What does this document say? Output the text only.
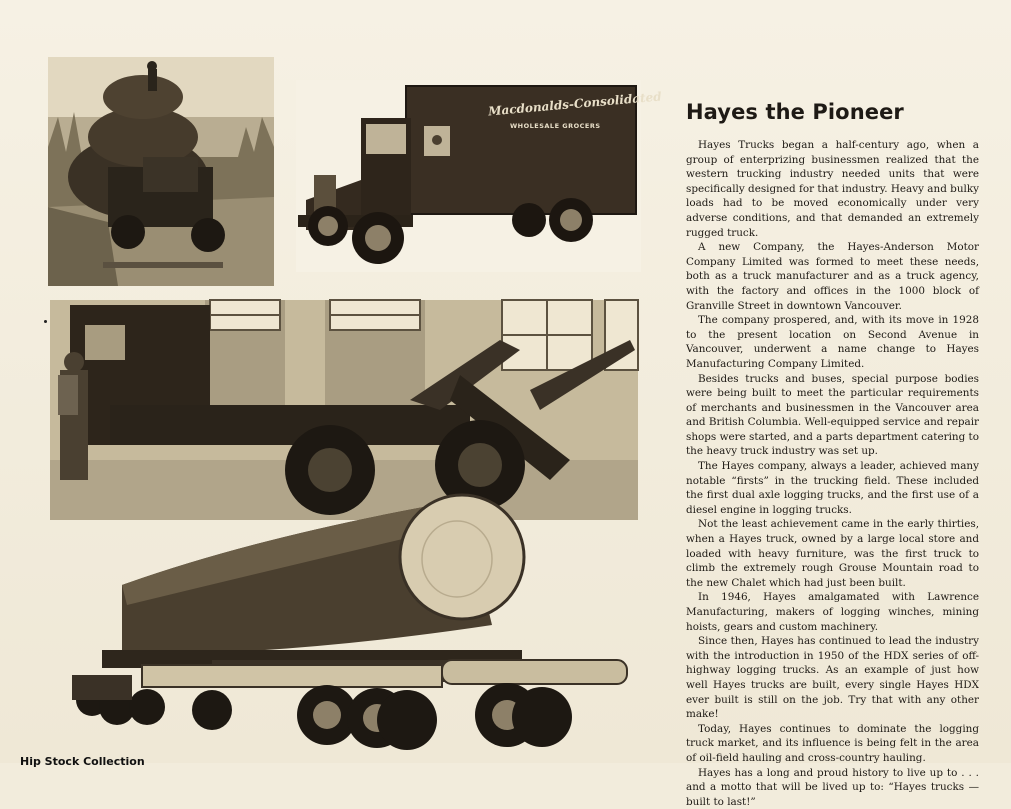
Macdonalds-Consolidated
WHOLESALE GROCERS
Hayes the Pioneer

Hayes Trucks began a half-century ago, when a group of enterprizing businessmen realized that the western trucking industry needed units that were specifically designed for that industry. Heavy and bulky loads had to be moved economically under very adverse conditions, and that demanded an extremely rugged truck.

A new Company, the Hayes-Anderson Motor Company Limited was formed to meet these needs, both as a truck manufacturer and as a truck agency, with the factory and offices in the 1000 block of Granville Street in downtown Vancouver.

The company prospered, and, with its move in 1928 to the present location on Second Avenue in Vancouver, underwent a name change to Hayes Manufacturing Company Limited.

Besides trucks and buses, special purpose bodies were being built to meet the particular requirements of merchants and businessmen in the Vancouver area and British Columbia. Well-equipped service and repair shops were started, and a parts department catering to the heavy truck industry was set up.

The Hayes company, always a leader, achieved many notable “firsts” in the trucking field. These included the first dual axle logging trucks, and the first use of a diesel engine in logging trucks.

Not the least achievement came in the early thirties, when a Hayes truck, owned by a large local store and loaded with heavy furniture, was the first truck to climb the extremely rough Grouse Mountain road to the new Chalet which had just been built.

In 1946, Hayes amalgamated with Lawrence Manufacturing, makers of logging winches, mining hoists, gears and custom machinery.

Since then, Hayes has continued to lead the industry with the introduction in 1950 of the HDX series of off-highway logging trucks. As an example of just how well Hayes trucks are built, every single Hayes HDX ever built is still on the job. Try that with any other make!

Today, Hayes continues to dominate the logging truck market, and its influence is being felt in the area of oil-field hauling and cross-country hauling.

Hayes has a long and proud history to live up to . . . and a motto that will be lived up to: “Hayes trucks — built to last!”

Hip Stock Collection
